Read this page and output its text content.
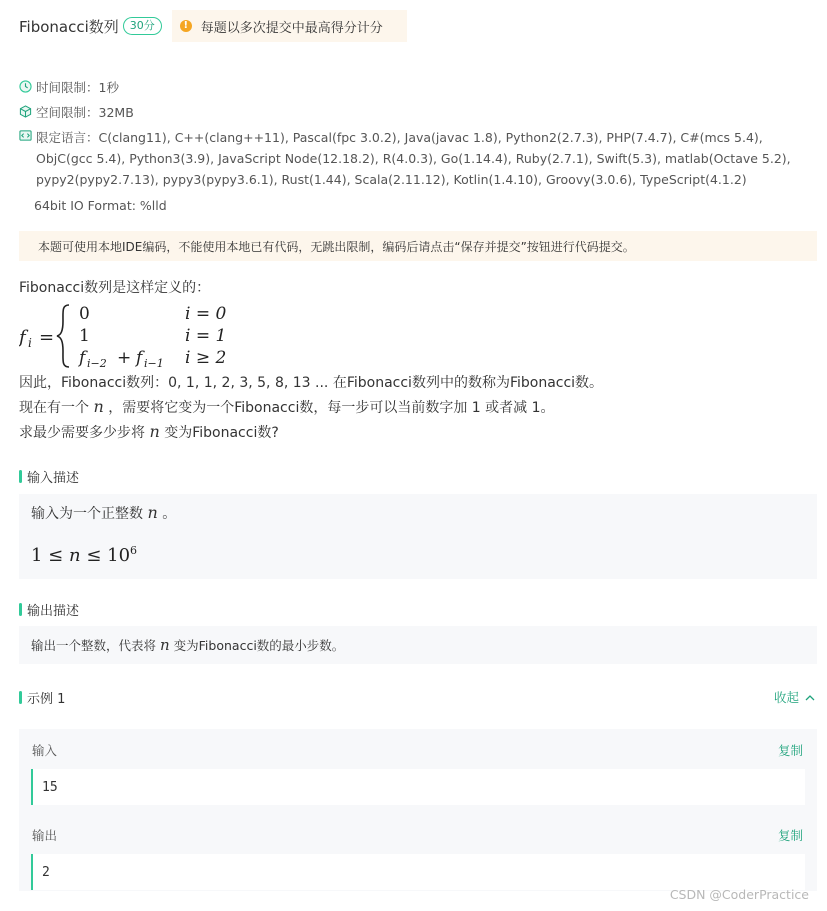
Fibonacci数列	30分	! 每题以多次提交中最高得分计分
时间限制：1秒
空间限制：32MB
限定语言：C(clang11), C++(clang++11), Pascal(fpc 3.0.2), Java(javac 1.8), Python2(2.7.3), PHP(7.4.7), C#(mcs 5.4), ObjC(gcc 5.4), Python3(3.9), JavaScript Node(12.18.2), R(4.0.3), Go(1.14.4), Ruby(2.7.1), Swift(5.3), matlab(Octave 5.2), pypy2(pypy2.7.13), pypy3(pypy3.6.1), Rust(1.44), Scala(2.11.12), Kotlin(1.4.10), Groovy(3.0.6), TypeScript(4.1.2)
64bit IO Format: %lld
本题可使用本地IDE编码，不能使用本地已有代码，无跳出限制，编码后请点击“保存并提交”按钮进行代码提交。
Fibonacci数列是这样定义的：
f i =
0	i = 0
1	i = 1
f i−2 + f i−1 i ≥ 2
因此，Fibonacci数列：0, 1, 1, 2, 3, 5, 8, 13 ... 在Fibonacci数列中的数称为Fibonacci数。
现在有一个 n ，需要将它变为一个Fibonacci数，每一步可以当前数字加 1 或者减 1。
求最少需要多少步将 n 变为Fibonacci数?
输入描述
输入为一个正整数 n 。
$1 \le n \le 10^6$
输出描述
输出一个整数，代表将 n 变为Fibonacci数的最小步数。
示例 1	收起
输入	复制
15
输出	复制
2
CSDN @CoderPractice
